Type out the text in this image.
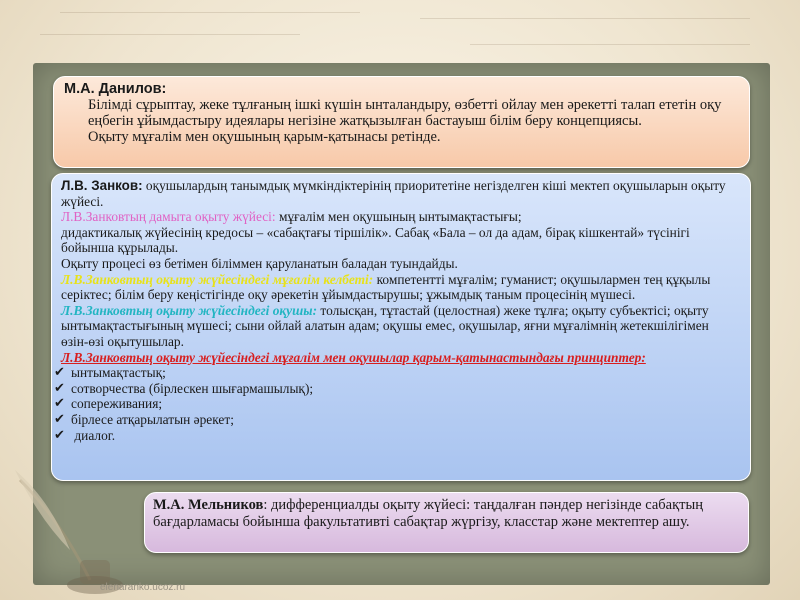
М.А. Данилов:
Білімді сұрыптау, жеке тұлғаның ішкі күшін ынталандыру, өзбетті ойлау мен әрекетті талап ететін оқу еңбегін ұйымдастыру идеялары негізіне жатқызылған бастауыш білім беру концепциясы.
Оқыту мұғалім мен оқушының қарым-қатынасы ретінде.
Л.В. Занков: оқушылардың танымдық мүмкіндіктерінің приоритетіне негізделген кіші мектеп оқушыларын оқыту жүйесі.
Л.В.Занковтың дамыта оқыту жүйесі: мұғалім мен оқушының ынтымақтастығы;
дидактикалық жүйесінің кредосы – «сабақтағы тіршілік». Сабақ «Бала – ол да адам, бірақ кішкентай» түсінігі бойынша құрылады.
Оқыту процесі өз бетімен біліммен қаруланатын баладан туындайды.
Л.В.Занковтың оқыту жүйесіндегі мұғалім келбеті: компетентті мұғалім; гуманист; оқушылармен тең құқылы серіктес; білім беру кеңістігінде оқу әрекетін ұйымдастырушы; ұжымдық таным процесінің мүшесі.
Л.В.Занковтың оқыту жүйесіндегі оқушы: толысқан, тұтастай (целостная) жеке тұлға; оқыту субъектісі; оқыту ынтымақтастығының мүшесі; сыни ойлай алатын адам; оқушы емес, оқушылар, яғни мұғалімнің жетекшілігімен өзін-өзі оқытушылар.
Л.В.Занковтың оқыту жүйесіндегі мұғалім мен оқушылар қарым-қатынастындағы принциптер:
✔ ынтымақтастық;
✔ сотворчества (бірлескен шығармашылық);
✔ сопереживания;
✔ бірлесе атқарылатын әрекет;
✔ диалог.
М.А. Мельников: дифференциалды оқыту жүйесі: таңдалған пәндер негізінде сабақтың бағдарламасы бойынша факультативті сабақтар жүргізу, класстар және мектептер ашу.
elenaranko.ucoz.ru
